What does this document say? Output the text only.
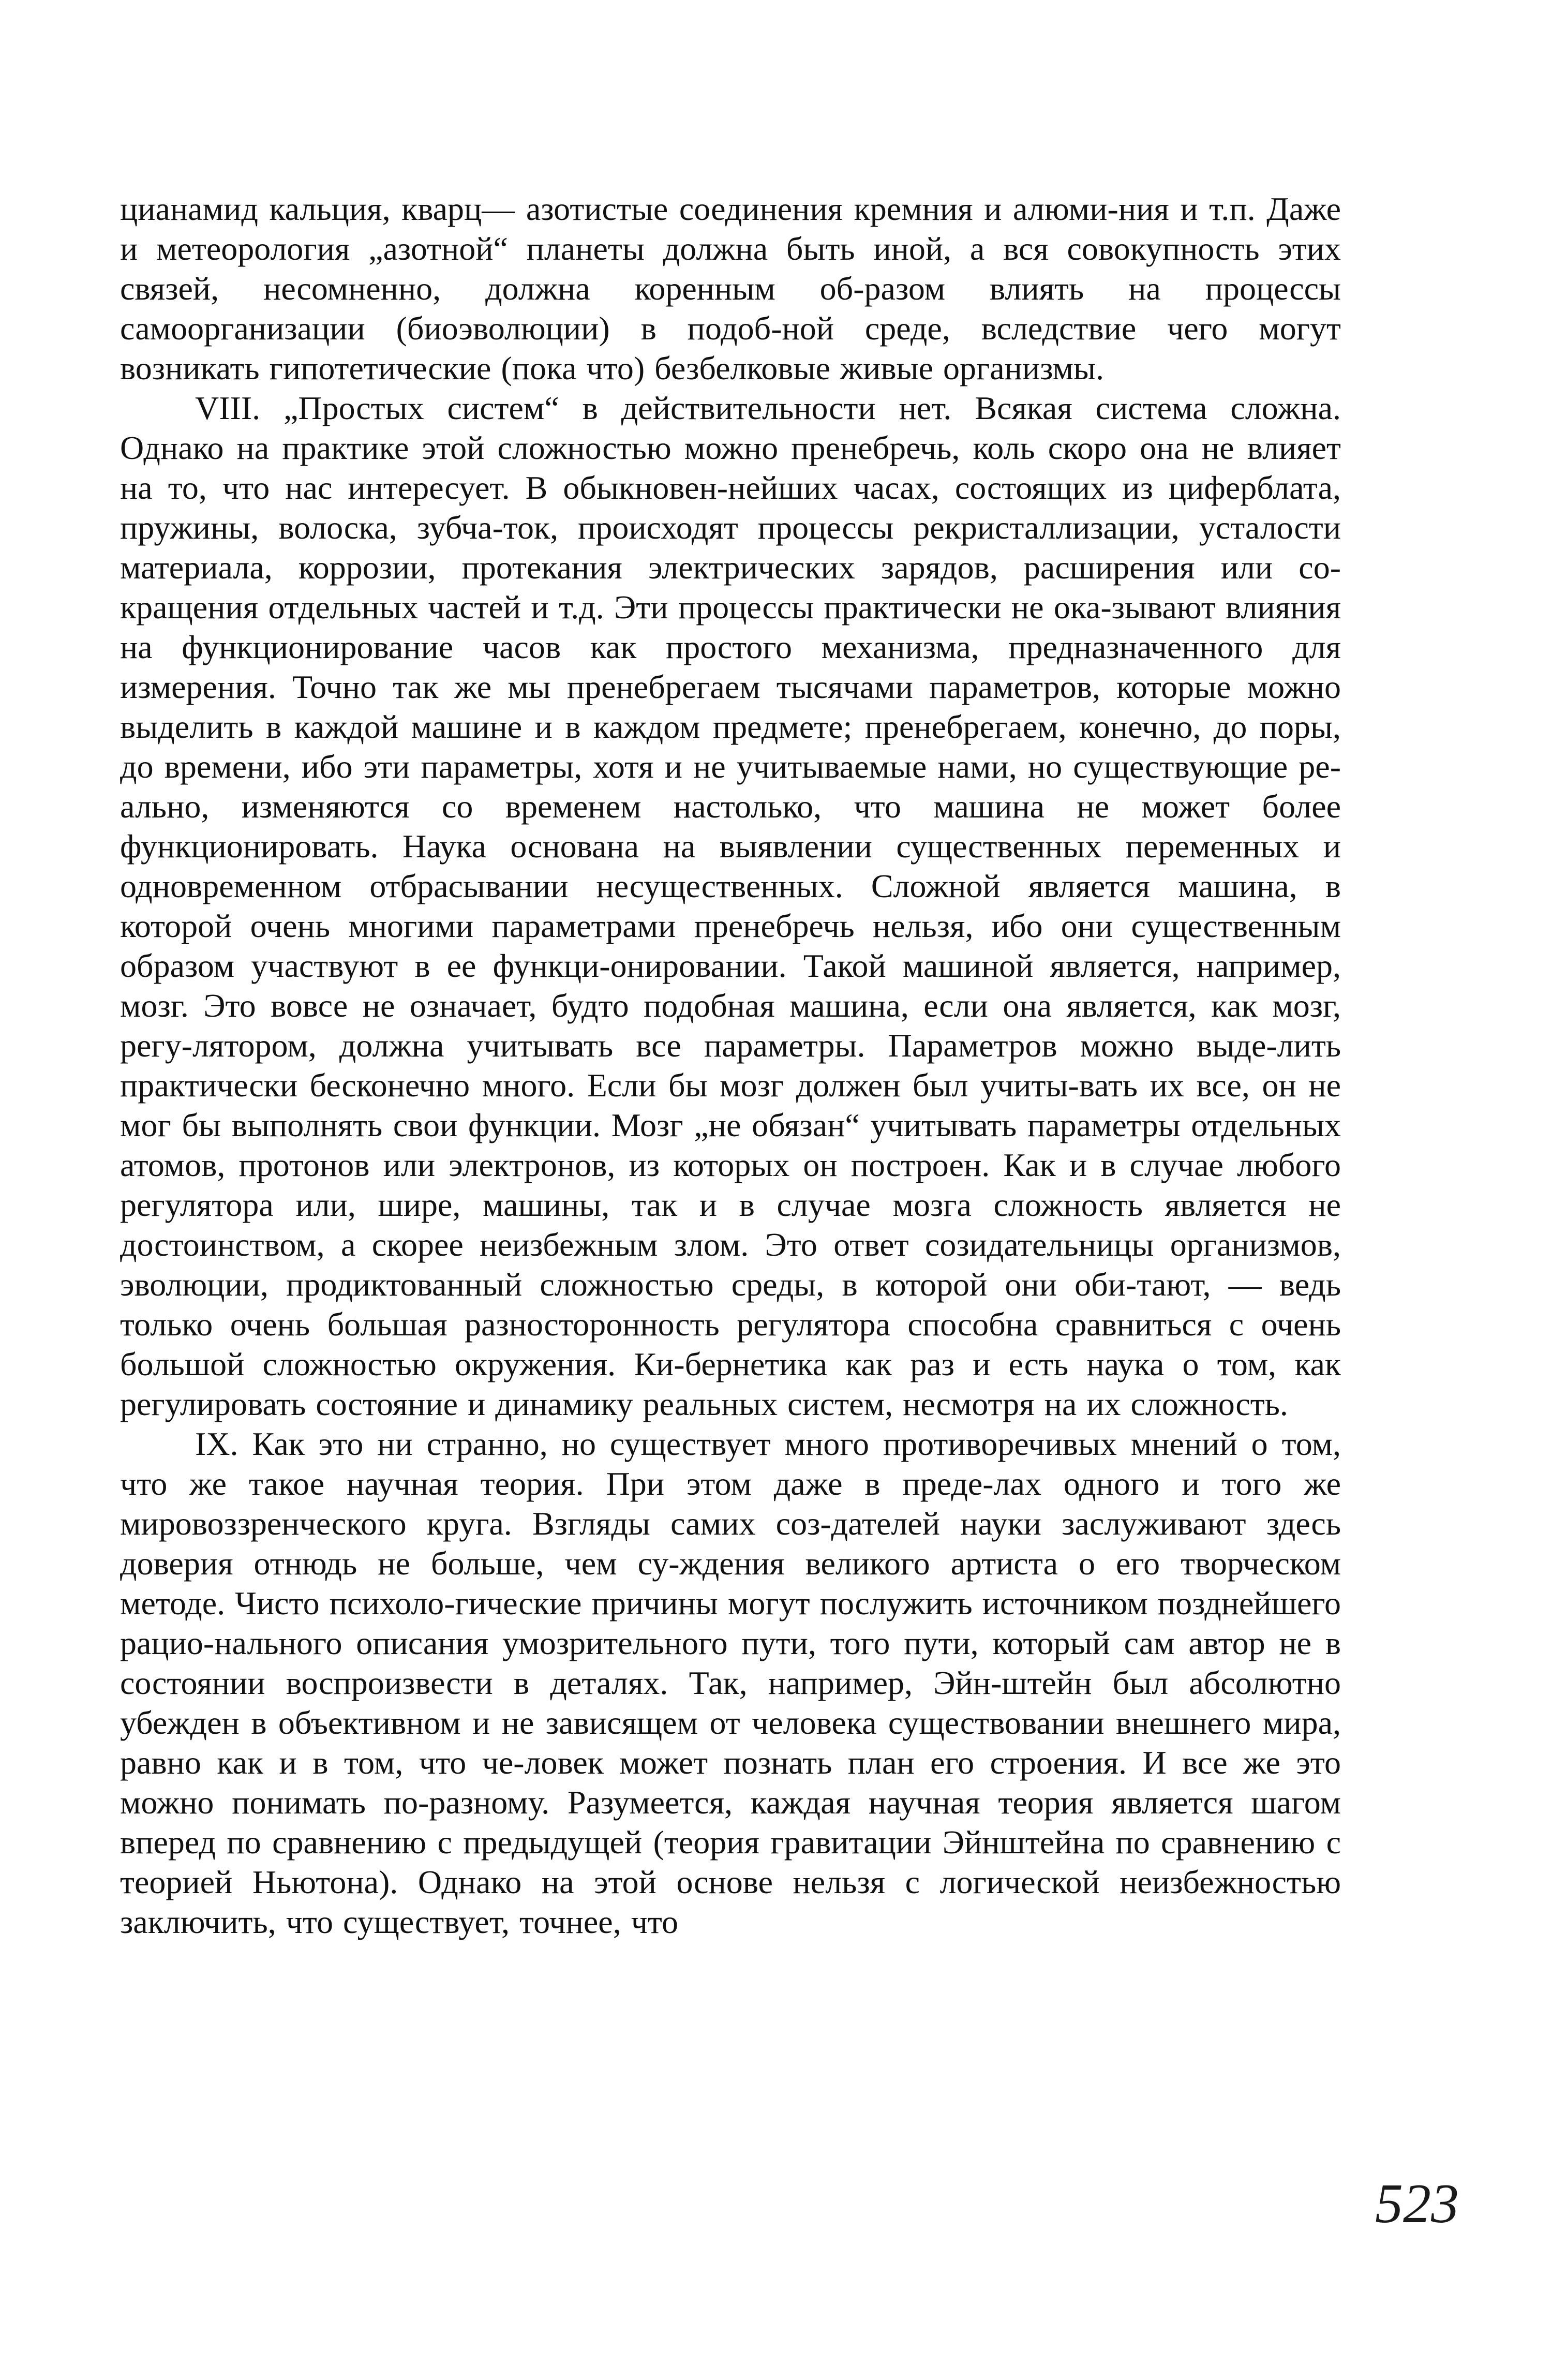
цианамид кальция, кварц— азотистые соединения кремния и алюми-ния и т.п. Даже и метеорология „азотной“ планеты должна быть иной, а вся совокупность этих связей, несомненно, должна коренным об-разом влиять на процессы самоорганизации (биоэволюции) в подоб-ной среде, вследствие чего могут возникать гипотетические (пока что) безбелковые живые организмы.

VIII. „Простых систем“ в действительности нет. Всякая система сложна. Однако на практике этой сложностью можно пренебречь, коль скоро она не влияет на то, что нас интересует. В обыкновен-нейших часах, состоящих из циферблата, пружины, волоска, зубча-ток, происходят процессы рекристаллизации, усталости материала, коррозии, протекания электрических зарядов, расширения или со-кращения отдельных частей и т.д. Эти процессы практически не ока-зывают влияния на функционирование часов как простого механизма, предназначенного для измерения. Точно так же мы пренебрегаем тысячами параметров, которые можно выделить в каждой машине и в каждом предмете; пренебрегаем, конечно, до поры, до времени, ибо эти параметры, хотя и не учитываемые нами, но существующие ре-ально, изменяются со временем настолько, что машина не может более функционировать. Наука основана на выявлении существенных переменных и одновременном отбрасывании несущественных. Сложной является машина, в которой очень многими параметрами пренебречь нельзя, ибо они существенным образом участвуют в ее функци-онировании. Такой машиной является, например, мозг. Это вовсе не означает, будто подобная машина, если она является, как мозг, регу-лятором, должна учитывать все параметры. Параметров можно выде-лить практически бесконечно много. Если бы мозг должен был учиты-вать их все, он не мог бы выполнять свои функции. Мозг „не обязан“ учитывать параметры отдельных атомов, протонов или электронов, из которых он построен. Как и в случае любого регулятора или, шире, машины, так и в случае мозга сложность является не достоинством, а скорее неизбежным злом. Это ответ созидательницы организмов, эволюции, продиктованный сложностью среды, в которой они оби-тают, — ведь только очень большая разносторонность регулятора способна сравниться с очень большой сложностью окружения. Ки-бернетика как раз и есть наука о том, как регулировать состояние и динамику реальных систем, несмотря на их сложность.

IX. Как это ни странно, но существует много противоречивых мнений о том, что же такое научная теория. При этом даже в преде-лах одного и того же мировоззренческого круга. Взгляды самих соз-дателей науки заслуживают здесь доверия отнюдь не больше, чем су-ждения великого артиста о его творческом методе. Чисто психоло-гические причины могут послужить источником позднейшего рацио-нального описания умозрительного пути, того пути, который сам автор не в состоянии воспроизвести в деталях. Так, например, Эйн-штейн был абсолютно убежден в объективном и не зависящем от человека существовании внешнего мира, равно как и в том, что че-ловек может познать план его строения. И все же это можно понимать по-разному. Разумеется, каждая научная теория является шагом вперед по сравнению с предыдущей (теория гравитации Эйнштейна по сравнению с теорией Ньютона). Однако на этой основе нельзя с логической неизбежностью заключить, что существует, точнее, что

523
